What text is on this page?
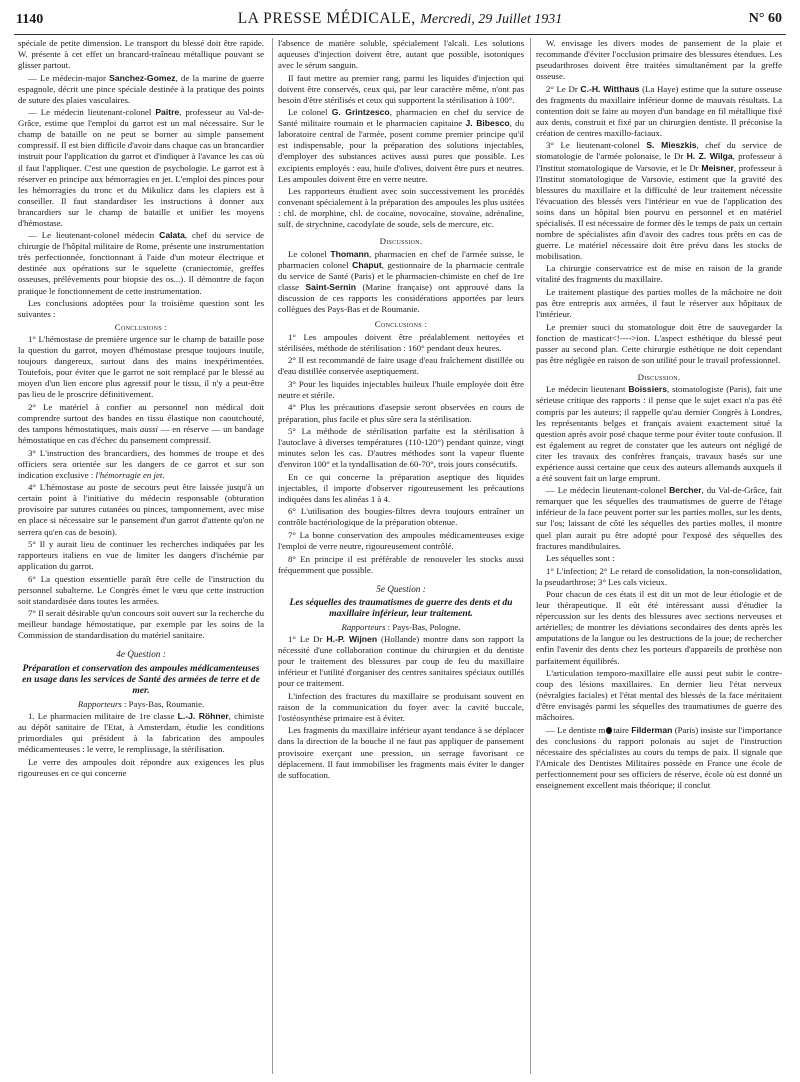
1140	LA PRESSE MÉDICALE, Mercredi, 29 Juillet 1931	N° 60

spéciale de petite dimension. Le transport du blessé doit être rapide. W. présente à cet effet un brancard-traîneau métallique pouvant se glisser partout.

— Le médecin-major Sanchez-Gomez, de la marine de guerre espagnole, décrit une pince spéciale destinée à la pratique des points de suture des plaies vasculaires.

— Le médecin lieutenant-colonel Paitre, professeur au Val-de-Grâce, estime que l'emploi du garrot est un mal nécessaire. Sur le champ de bataille on ne peut se borner au simple pansement compressif. Il est bien difficile d'avoir dans chaque cas un brancardier instruit pour l'application du garrot et d'indiquer à l'avance les cas où il faut l'appliquer. C'est une question de psychologie. Le garrot est à réserver en principe aux hémorragies en jet. L'emploi des pinces pour les hémorragies du tronc et du Mikulicz dans les clapiers est à conseiller. Il faut standardiser les instructions à donner aux brancardiers sur le champ de bataille et unifier les moyens d'hémostase.

— Le lieutenant-colonel médecin Calata, chef du service de chirurgie de l'hôpital militaire de Rome, présente une instrumentation très perfectionnée, fonctionnant à l'aide d'un moteur électrique et destinée aux opérations sur le squelette (craniectomie, greffes osseuses, prélèvements pour biopsie des os...). Il démontre de façon pratique le fonctionnement de cette instrumentation.

Les conclusions adoptées pour la troisième question sont les suivantes :

Conclusions :

1° L'hémostase de première urgence sur le champ de bataille pose la question du garrot, moyen d'hémostase presque toujours inutile, toujours dangereux, surtout dans des mains inexpérimentées. Toutefois, pour éviter que le garrot ne soit remplacé par le blessé au moyen d'un lien encore plus agressif pour le tissu, il n'y a peut-être pas lieu de le proscrire définitivement.

2° Le matériel à confier au personnel non médical doit comprendre surtout des bandes en tissu élastique non caoutchouté, des tampons hémostatiques, mais aussi — en réserve — un bandage hémostatique en cas d'échec du pansement compressif.

3° L'instruction des brancardiers, des hommes de troupe et des officiers sera orientée sur les dangers de ce garrot et sur son indication exclusive : l'hémorragie en jet.

4° L'hémostase au poste de secours peut être laissée jusqu'à un certain point à l'initiative du médecin responsable (obturation provisoire par sutures cutanées ou pinces, tamponnement, avec mise en place si nécessaire sur le pansement d'un garrot d'attente qu'on ne serrera qu'en cas de besoin).

5° Il y aurait lieu de continuer les recherches indiquées par les rapporteurs italiens en vue de limiter les dangers d'ischémie par application du garrot.

6° La question essentielle paraît être celle de l'instruction du personnel subalterne. Le Congrès émet le vœu que cette instruction soit standardisée dans toutes les armées.

7° Il serait désirable qu'un concours soit ouvert sur la recherche du meilleur bandage hémostatique, par exemple par les soins de la Commission de standardisation du matériel sanitaire.

4e Question :
Préparation et conservation des ampoules médicamenteuses en usage dans les services de Santé des armées de terre et de mer.

Rapporteurs : Pays-Bas, Roumanie.

1. Le pharmacien militaire de 1re classe L.-J. Röhner, chimiste au dépôt sanitaire de l'Etat, à Amsterdam, étudie les conditions primordiales qui président à la fabrication des ampoules médicamenteuses : le verre, le remplissage, la stérilisation.

Le verre des ampoules doit répondre aux exigences les plus rigoureuses en ce qui concerne

l'absence de matière soluble, spécialement l'alcali. Les solutions aqueuses d'injection doivent être, autant que possible, isotoniques avec le sérum sanguin.

Il faut mettre au premier rang, parmi les liquides d'injection qui doivent être conservés, ceux qui, par leur caractère même, n'ont pas besoin d'être stérilisés et ceux qui supportent la stérilisation à 100°.

Le colonel G. Grintzesco, pharmacien en chef du service de Santé militaire roumain et le pharmacien capitaine J. Bibesco, du laboratoire central de l'armée, posent comme premier principe qu'il est indispensable, pour la préparation des solutions injectables, d'employer des substances actives aussi pures que possible. Les excipients employés : eau, huile d'olives, doivent être purs et neutres. Les ampoules doivent être en verre neutre.

Les rapporteurs étudient avec soin successivement les procédés convenant spécialement à la préparation des ampoules les plus usitées : chl. de morphine, chl. de cocaïne, novocaïne, stovaïne, adrénaline, sulf. de strychnine, cacodylate de soude, sels de mercure, etc.

Discussion.

Le colonel Thomann, pharmacien en chef de l'armée suisse, le pharmacien colonel Chaput, gestionnaire de la pharmacie centrale du service de Santé (Paris) et le pharmacien-chimiste en chef de 1re classe Saint-Sernin (Marine française) ont approuvé dans la discussion de ces rapports les considérations apportées par leurs collègues des Pays-Bas et de Roumanie.

Conclusions :

1° Les ampoules doivent être préalablement nettoyées et stérilisées, méthode de stérilisation : 160° pendant deux heures.

2° Il est recommandé de faire usage d'eau fraîchement distillée ou d'eau distillée conservée aseptiquement.

3° Pour les liquides injectables huileux l'huile employée doit être neutre et stérile.

4° Plus les précautions d'asepsie seront observées en cours de préparation, plus facile et plus sûre sera la stérilisation.

5° La méthode de stérilisation parfaite est la stérilisation à l'autoclave à diverses températures (110-120°) pendant quinze, vingt minutes selon les cas. D'autres méthodes sont la vapeur fluente d'environ 100° et la tyndallisation de 60-70°, trois jours consécutifs.

En ce qui concerne la préparation aseptique des liquides injectables, il importe d'observer rigoureusement les précautions indiquées dans les alinéas 1 à 4.

6° L'utilisation des bougies-filtres devra toujours entraîner un contrôle bactériologique de la préparation obtenue.

7° La bonne conservation des ampoules médicamenteuses exige l'emploi de verre neutre, rigoureusement contrôlé.

8° En principe il est préférable de renouveler les stocks aussi fréquemment que possible.

5e Question :
Les séquelles des traumatismes de guerre des dents et du maxillaire inférieur, leur traitement.

Rapporteurs : Pays-Bas, Pologne.

1° Le Dr H.-P. Wijnen (Hollande) montre dans son rapport la nécessité d'une collaboration continue du chirurgien et du dentiste pour le traitement des blessures par coup de feu du maxillaire inférieur et l'utilité d'organiser des centres sanitaires spéciaux outillés pour ce traitement.

L'infection des fractures du maxillaire se produisant souvent en raison de la communication du foyer avec la cavité buccale, l'ostéosynthèse primaire est à éviter.

Les fragments du maxillaire inférieur ayant tendance à se déplacer dans la direction de la bouche il ne faut pas appliquer de pansement provisoire exerçant une pression, un serrage favorisant ce déplacement. Il faut immobiliser les fragments mais éviter le danger de suffocation.

W. envisage les divers modes de pansement de la plaie et recommande d'éviter l'occlusion primaire des blessures étendues. Les pseudarthroses doivent être traitées simultanément par la greffe osseuse.

2° Le Dr C.-H. Witthaus (La Haye) estime que la suture osseuse des fragments du maxillaire inférieur donne de mauvais résultats. La contention doit se faire au moyen d'un bandage en fil métallique fixé aux dents, construit et fixé par un chirurgien dentiste. Il préconise la création de centres maxillo-faciaux.

3° Le lieutenant-colonel S. Mieszkis, chef du service de stomatologie de l'armée polonaise, le Dr H. Z. Wilga, professeur à l'Institut stomatologique de Varsovie, et le Dr Meisner, professeur à l'Institut stomatologique de Varsovie, estiment que la gravité des blessures du maxillaire et la difficulté de leur traitement nécessite l'évacuation des blessés vers l'intérieur en vue de l'application des soins dans un hôpital bien pourvu en personnel et en matériel spécialisés. Il est nécessaire de former dès le temps de paix un certain nombre de spécialistes afin d'avoir des cadres tous prêts en cas de guerre. Le matériel nécessaire doit être prévu dans les stocks de mobilisation.

La chirurgie conservatrice est de mise en raison de la grande vitalité des fragments du maxillaire.

Le traitement plastique des parties molles de la mâchoire ne doit pas être entrepris aux armées, il faut le réserver aux hôpitaux de l'intérieur.

Le premier souci du stomatologue doit être de sauvegarder la fonction de masticat<!---->ion. L'aspect esthétique du blessé peut passer au second plan. Cette chirurgie esthétique ne doit cependant pas être négligée en raison de son utilité pour le travail professionnel.

Discussion.

Le médecin lieutenant Boissiers, stomatologiste (Paris), fait une sérieuse critique des rapports : il pense que le sujet exact n'a pas été compris par les auteurs; il rappelle qu'au dernier Congrès à Londres, les représentants belges et français avaient exactement situé la question après avoir posé chaque terme pour éviter toute confusion. Il est également au regret de constater que les auteurs ont négligé de citer les travaux des confrères français, travaux basés sur une expérience aussi certaine que ceux des auteurs allemands auxquels il a été souvent fait un large emprunt.

— Le médecin lieutenant-colonel Bercher, du Val-de-Grâce, fait remarquer que les séquelles des traumatismes de guerre de l'étage inférieur de la face peuvent porter sur les parties molles, sur les dents, sur l'os; laissant de côté les séquelles des parties molles, il montre quel plan aurait pu être adopté pour l'exposé des séquelles des fractures mandibulaires.

Les séquelles sont :

1° L'infection; 2° Le retard de consolidation, la non-consolidation, la pseudarthrose; 3° Les cals vicieux.

Pour chacun de ces états il est dit un mot de leur étiologie et de leur thérapeutique. Il eût été intéressant aussi d'étudier la répercussion sur les dents des blessures avec sections nerveuses et artérielles; de montrer les déviations secondaires des dents après les amputations de la langue ou les destructions de la joue; de rechercher enfin l'avenir des dents chez les porteurs d'appareils de prothèse non parfaitement équilibrés.

L'articulation temporo-maxillaire elle aussi peut subir le contre-coup des lésions maxillaires. En dernier lieu l'état nerveux (névralgies faciales) et l'état mental des blessés de la face méritaient d'être envisagés parmi les séquelles des traumatismes de guerre des mâchoires.

— Le dentiste m taire Filderman (Paris) insiste sur l'importance des conclusions du rapport polonais au sujet de l'instruction nécessaire des spécialistes au cours du temps de paix. Il signale que l'Amicale des Dentistes Militaires possède en France une école de perfectionnement pour ses officiers de réserve, école où est donné un enseignement excellent mais théorique; il conclut
